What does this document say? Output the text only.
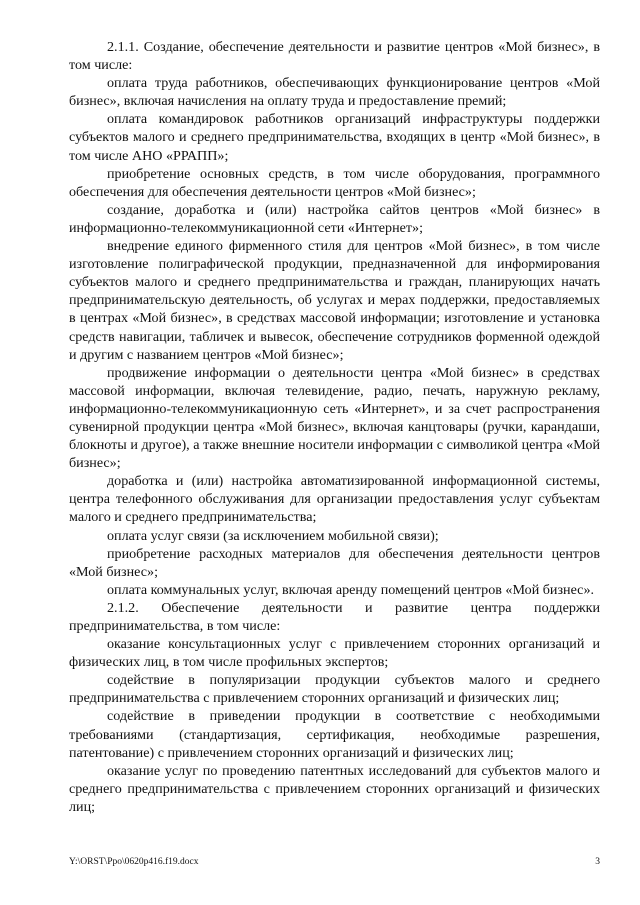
2.1.1. Создание, обеспечение деятельности и развитие центров «Мой бизнес», в том числе:

оплата труда работников, обеспечивающих функционирование центров «Мой бизнес», включая начисления на оплату труда и предоставление премий;

оплата командировок работников организаций инфраструктуры поддержки субъектов малого и среднего предпринимательства, входящих в центр «Мой бизнес», в том числе АНО «РРАПП»;

приобретение основных средств, в том числе оборудования, программного обеспечения для обеспечения деятельности центров «Мой бизнес»;

создание, доработка и (или) настройка сайтов центров «Мой бизнес» в информационно-телекоммуникационной сети «Интернет»;

внедрение единого фирменного стиля для центров «Мой бизнес», в том числе изготовление полиграфической продукции, предназначенной для информирования субъектов малого и среднего предпринимательства и граждан, планирующих начать предпринимательскую деятельность, об услугах и мерах поддержки, предоставляемых в центрах «Мой бизнес», в средствах массовой информации; изготовление и установка средств навигации, табличек и вывесок, обеспечение сотрудников форменной одеждой и другим с названием центров «Мой бизнес»;

продвижение информации о деятельности центра «Мой бизнес» в средствах массовой информации, включая телевидение, радио, печать, наружную рекламу, информационно-телекоммуникационную сеть «Интернет», и за счет распространения сувенирной продукции центра «Мой бизнес», включая канцтовары (ручки, карандаши, блокноты и другое), а также внешние носители информации с символикой центра «Мой бизнес»;

доработка и (или) настройка автоматизированной информационной системы, центра телефонного обслуживания для организации предоставления услуг субъектам малого и среднего предпринимательства;

оплата услуг связи (за исключением мобильной связи);

приобретение расходных материалов для обеспечения деятельности центров «Мой бизнес»;

оплата коммунальных услуг, включая аренду помещений центров «Мой бизнес».

2.1.2. Обеспечение деятельности и развитие центра поддержки предпринимательства, в том числе:

оказание консультационных услуг с привлечением сторонних организаций и физических лиц, в том числе профильных экспертов;

содействие в популяризации продукции субъектов малого и среднего предпринимательства с привлечением сторонних организаций и физических лиц;

содействие в приведении продукции в соответствие с необходимыми требованиями (стандартизация, сертификация, необходимые разрешения, патентование) с привлечением сторонних организаций и физических лиц;

оказание услуг по проведению патентных исследований для субъектов малого и среднего предпринимательства с привлечением сторонних организаций и физических лиц;

Y:\ORST\Ppo\0620p416.f19.docx	3
